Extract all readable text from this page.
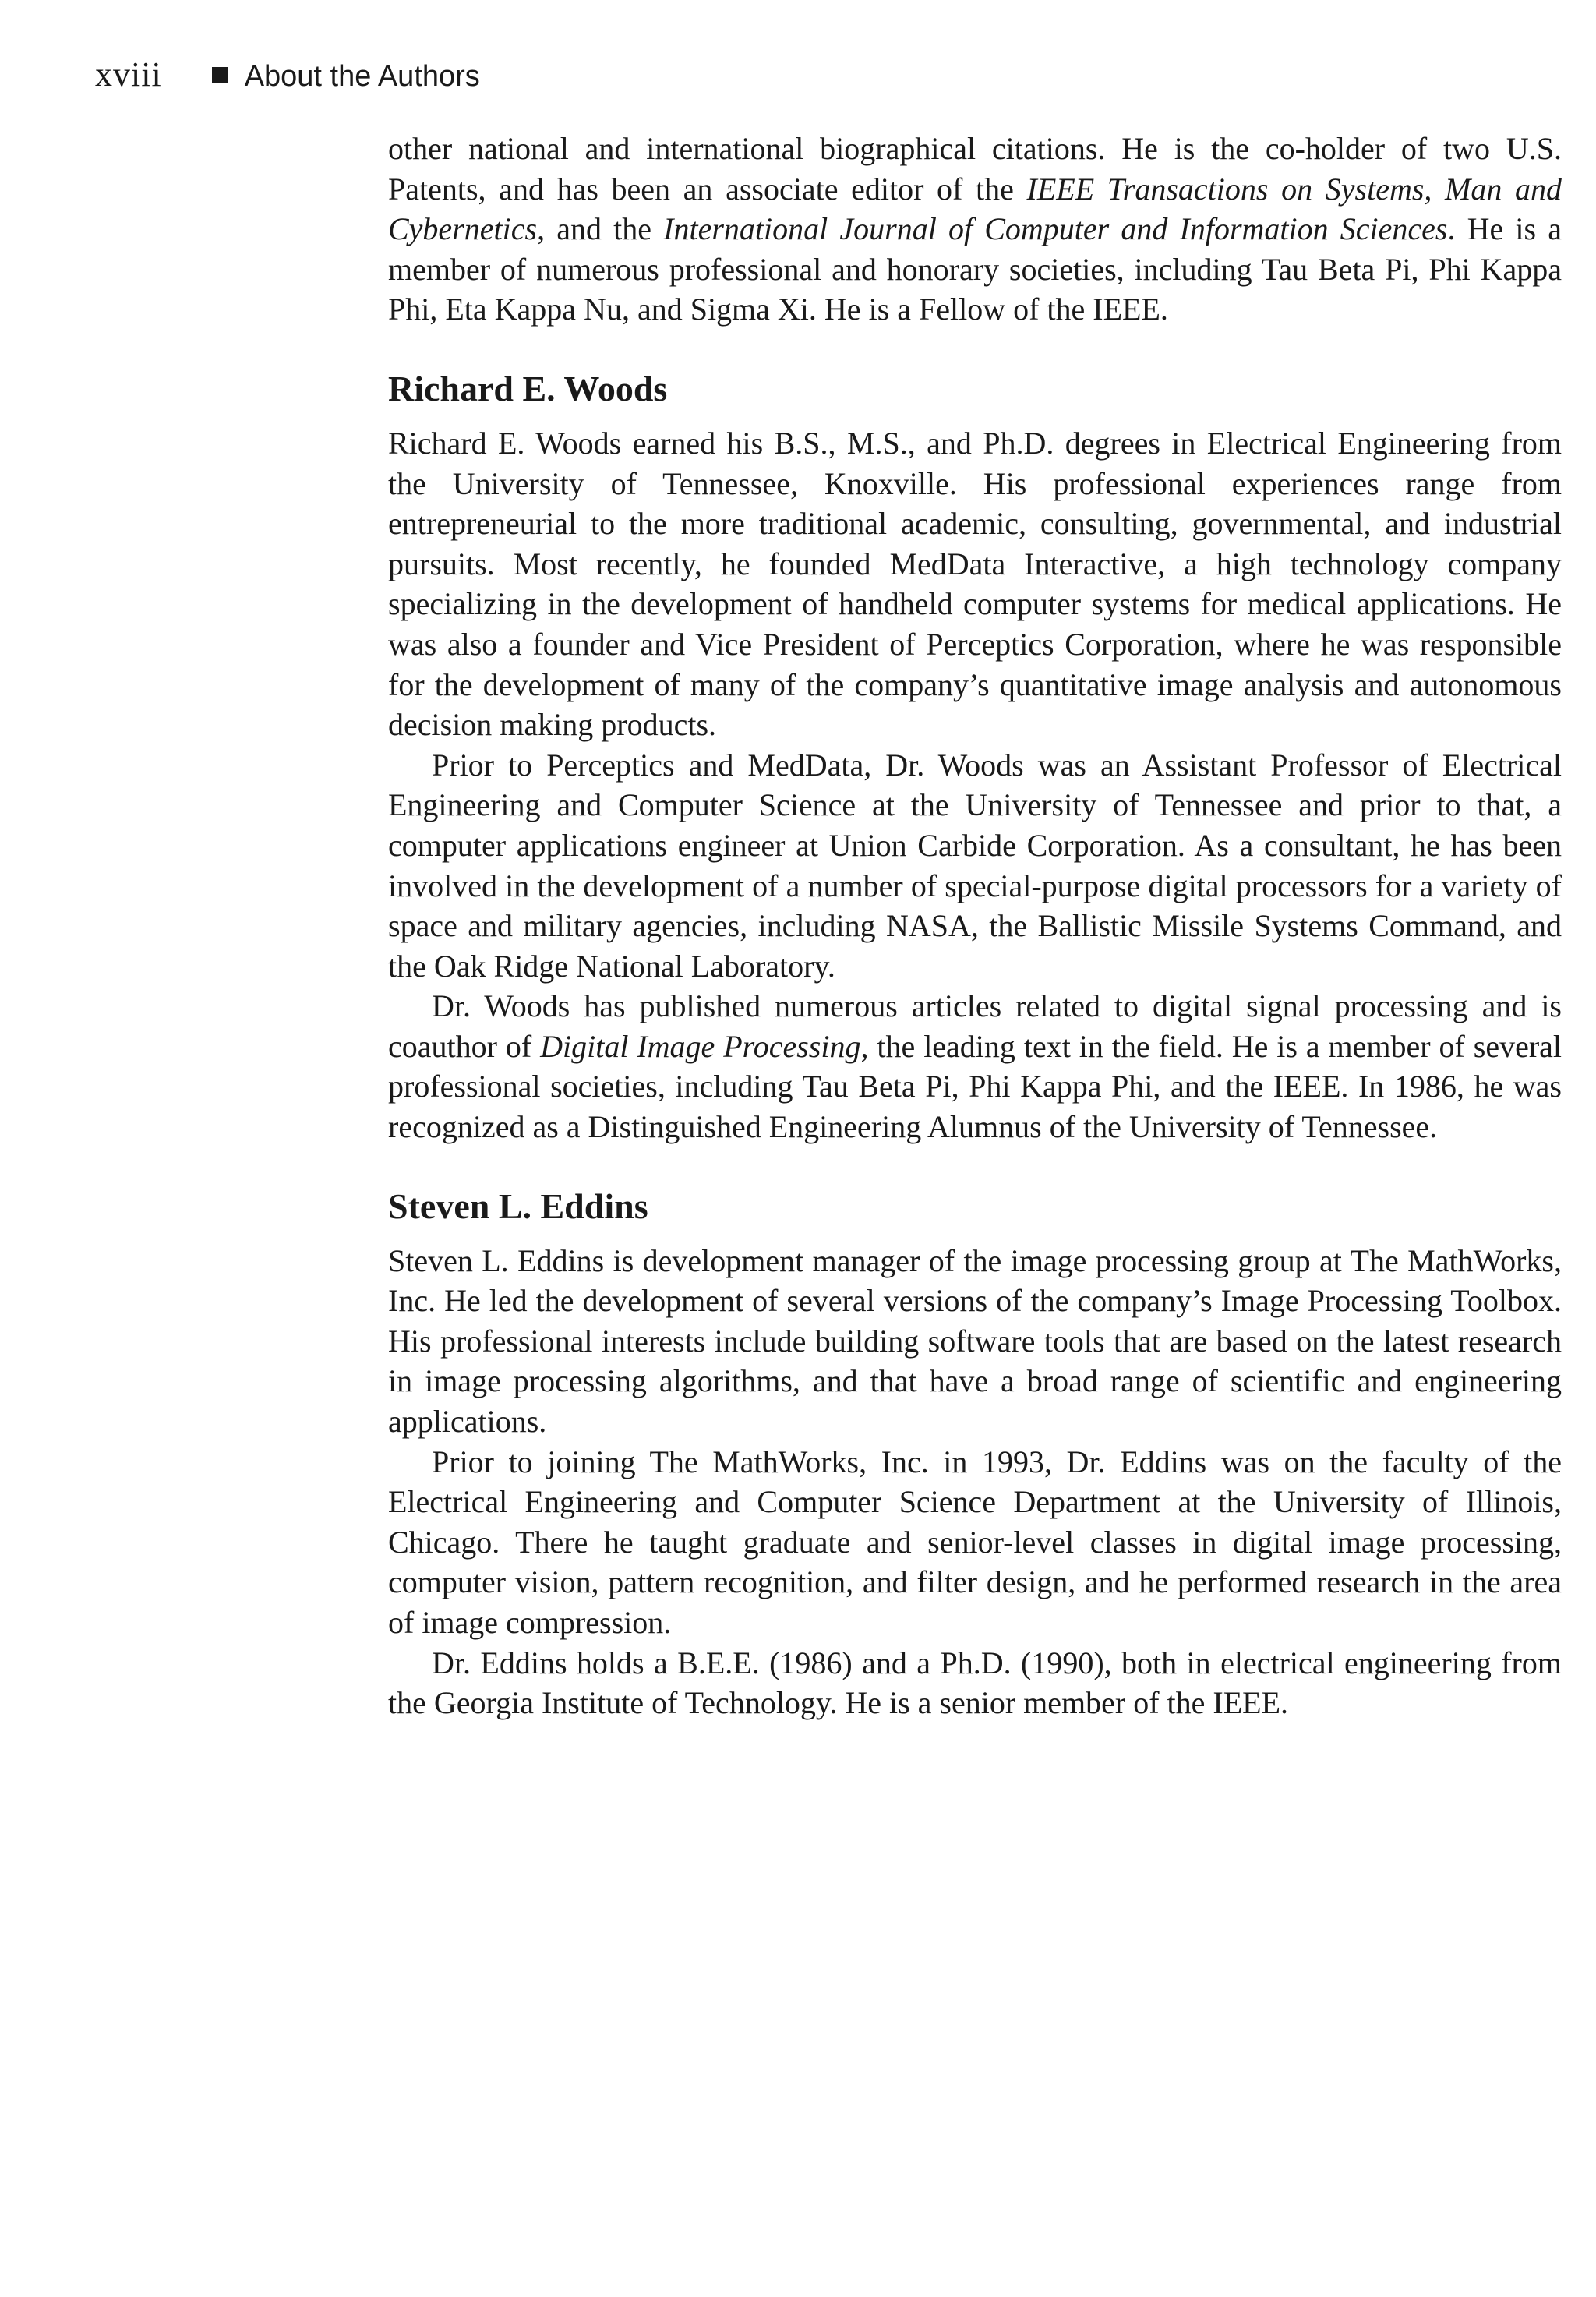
xviii	About the Authors

other national and international biographical citations. He is the co-holder of two U.S. Patents, and has been an associate editor of the IEEE Transactions on Systems, Man and Cybernetics, and the International Journal of Computer and Information Sciences. He is a member of numerous professional and honorary societies, including Tau Beta Pi, Phi Kappa Phi, Eta Kappa Nu, and Sigma Xi. He is a Fellow of the IEEE.

Richard E. Woods

Richard E. Woods earned his B.S., M.S., and Ph.D. degrees in Electrical Engineering from the University of Tennessee, Knoxville. His professional experiences range from entrepreneurial to the more traditional academic, consulting, governmental, and industrial pursuits. Most recently, he founded MedData Interactive, a high technology company specializing in the development of handheld computer systems for medical applications. He was also a founder and Vice President of Perceptics Corporation, where he was responsible for the development of many of the company’s quantitative image analysis and autonomous decision making products.

Prior to Perceptics and MedData, Dr. Woods was an Assistant Professor of Electrical Engineering and Computer Science at the University of Tennessee and prior to that, a computer applications engineer at Union Carbide Corporation. As a consultant, he has been involved in the development of a number of special-purpose digital processors for a variety of space and military agencies, including NASA, the Ballistic Missile Systems Command, and the Oak Ridge National Laboratory.

Dr. Woods has published numerous articles related to digital signal processing and is coauthor of Digital Image Processing, the leading text in the field. He is a member of several professional societies, including Tau Beta Pi, Phi Kappa Phi, and the IEEE. In 1986, he was recognized as a Distinguished Engineering Alumnus of the University of Tennessee.

Steven L. Eddins

Steven L. Eddins is development manager of the image processing group at The MathWorks, Inc. He led the development of several versions of the company’s Image Processing Toolbox. His professional interests include building software tools that are based on the latest research in image processing algorithms, and that have a broad range of scientific and engineering applications.

Prior to joining The MathWorks, Inc. in 1993, Dr. Eddins was on the faculty of the Electrical Engineering and Computer Science Department at the University of Illinois, Chicago. There he taught graduate and senior-level classes in digital image processing, computer vision, pattern recognition, and filter design, and he performed research in the area of image compression.

Dr. Eddins holds a B.E.E. (1986) and a Ph.D. (1990), both in electrical engineering from the Georgia Institute of Technology. He is a senior member of the IEEE.
